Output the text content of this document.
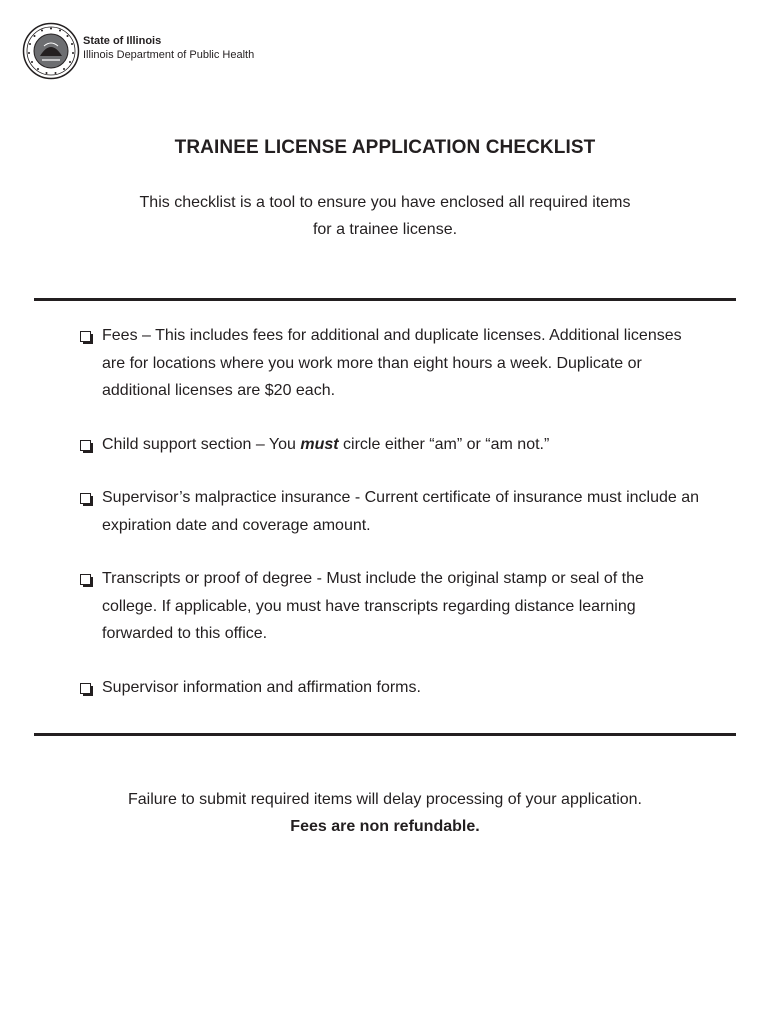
State of Illinois
Illinois Department of Public Health
TRAINEE LICENSE APPLICATION CHECKLIST
This checklist is a tool to ensure you have enclosed all required items
for a trainee license.
Fees – This includes fees for additional and duplicate licenses. Additional licenses are for locations where you work more than eight hours a week. Duplicate or additional licenses are $20 each.
Child support section – You must circle either “am” or “am not.”
Supervisor’s malpractice insurance - Current certificate of insurance must include an expiration date and coverage amount.
Transcripts or proof of degree - Must include the original stamp or seal of the college. If applicable, you must have transcripts regarding distance learning forwarded to this office.
Supervisor information and affirmation forms.
Failure to submit required items will delay processing of your application.
Fees are non refundable.
